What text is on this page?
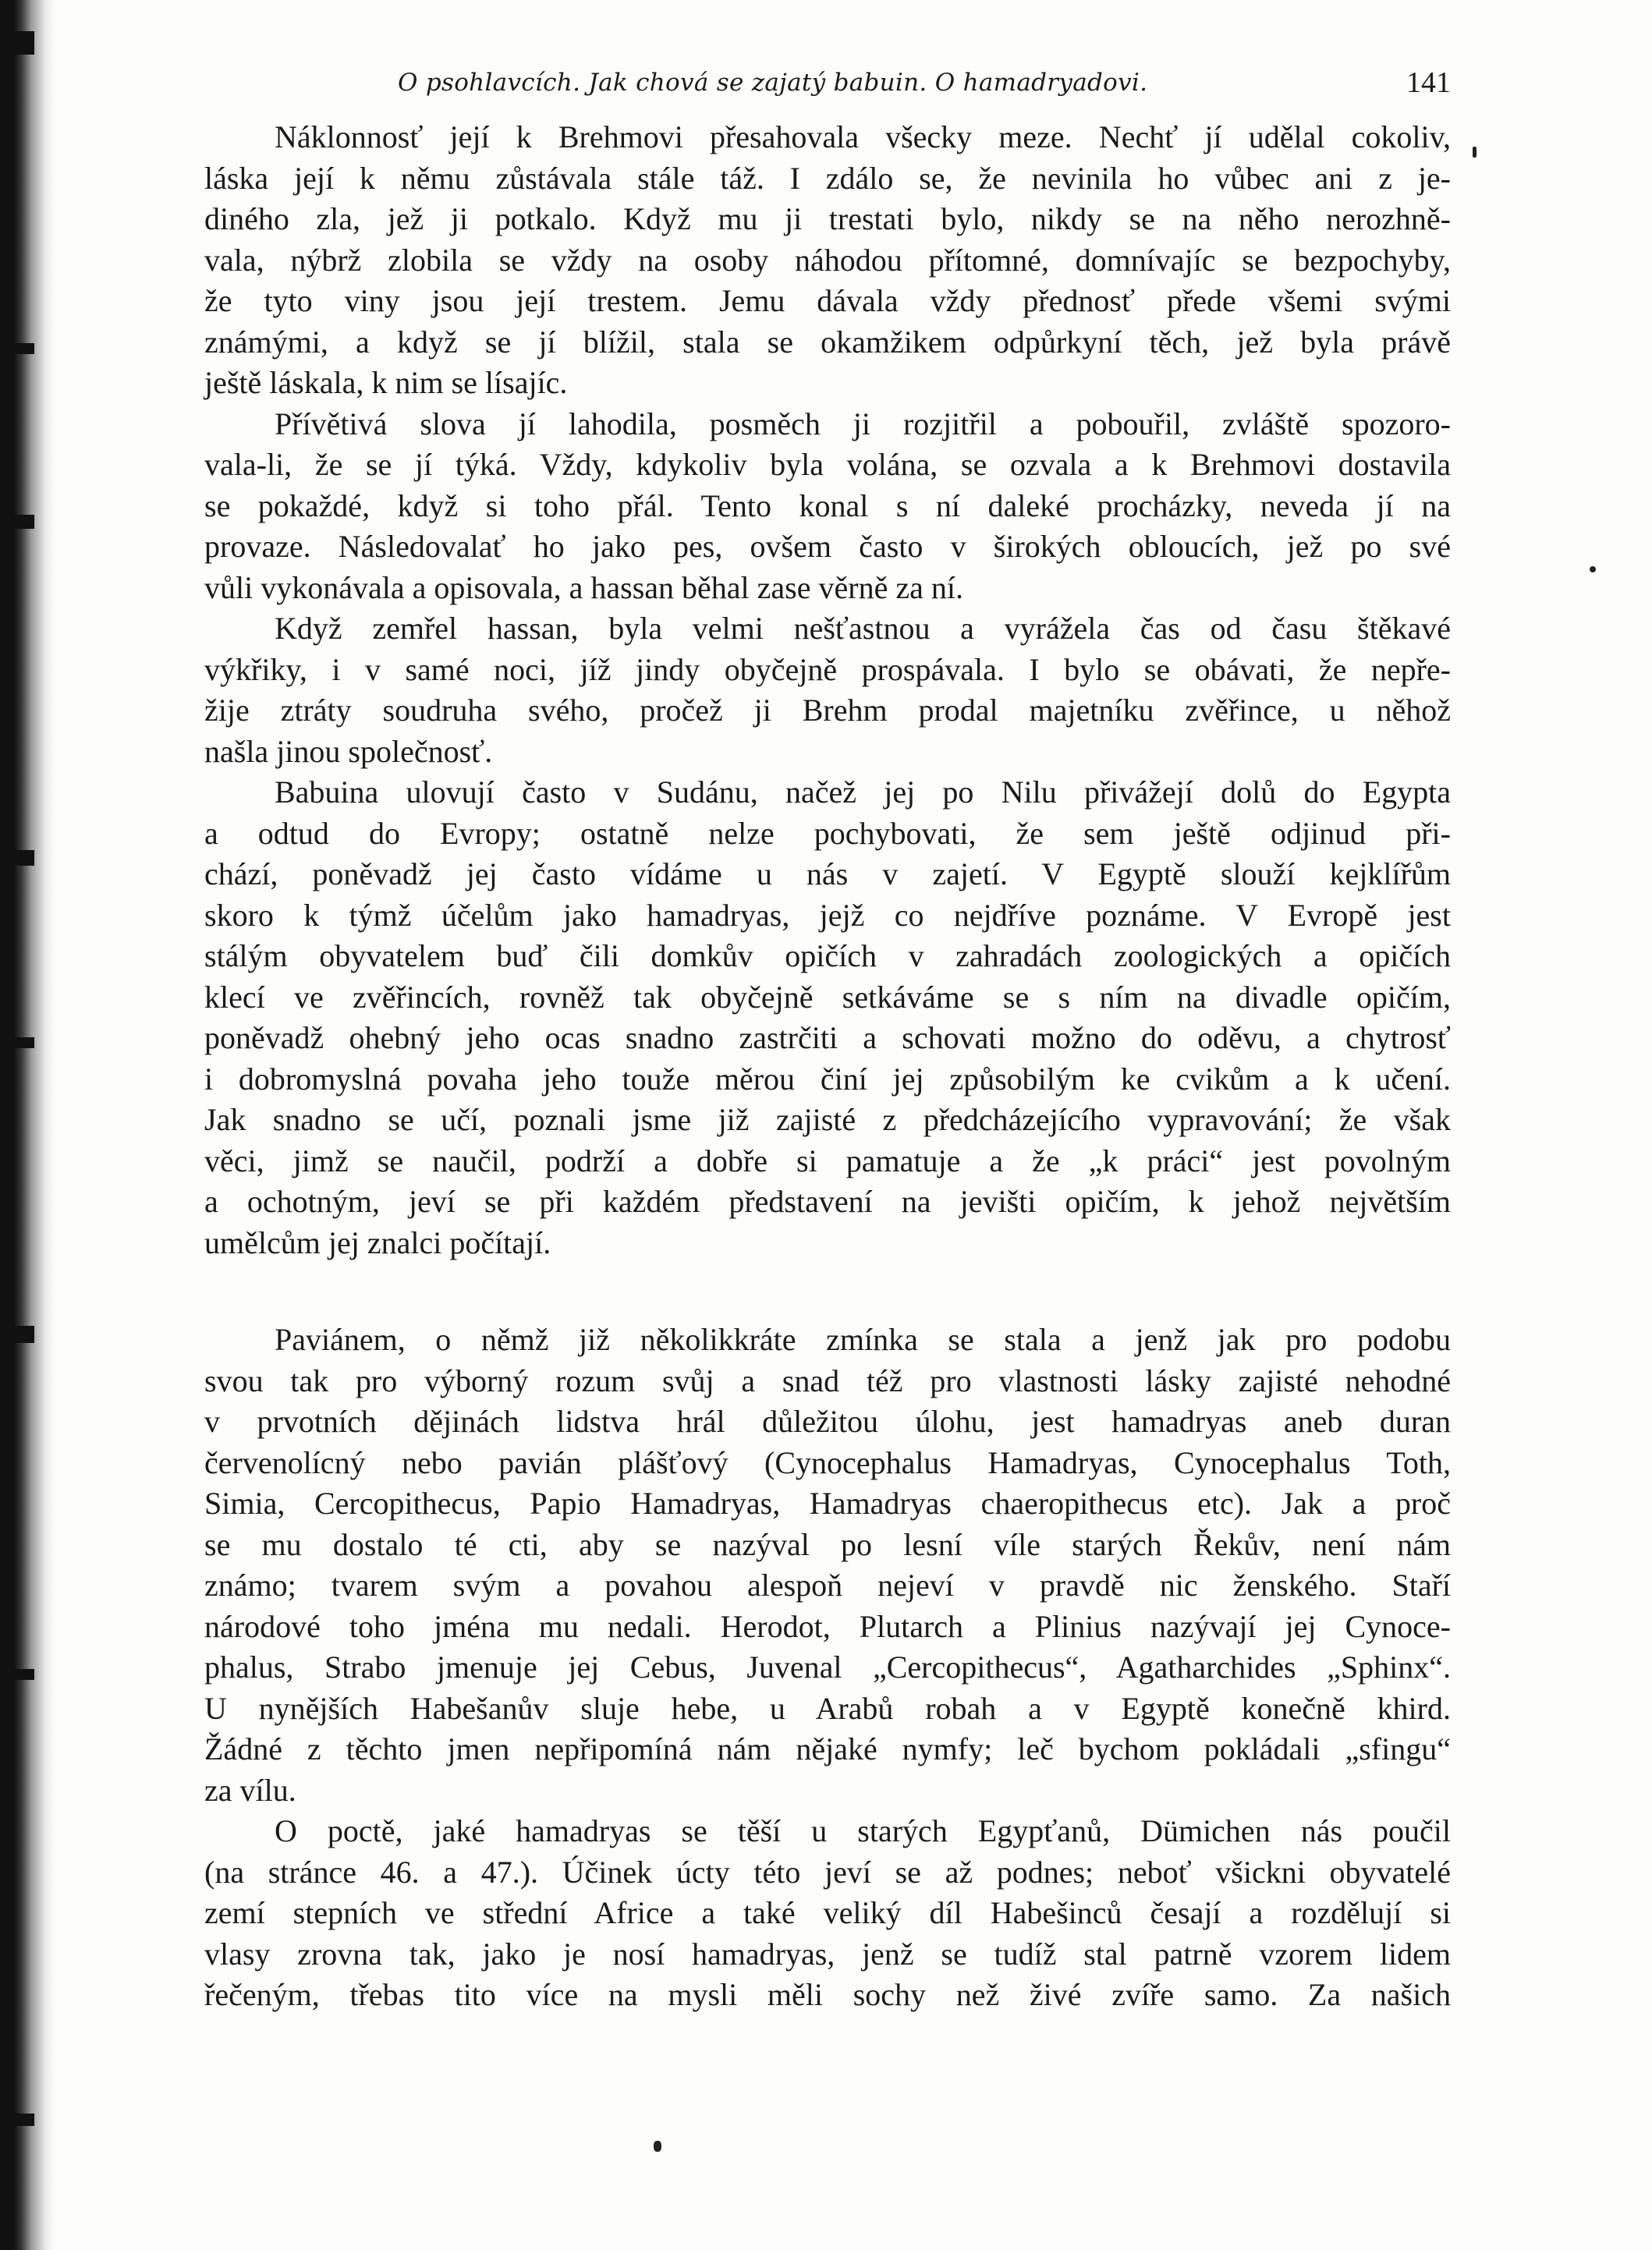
O psohlavcích. Jak chová se zajatý babuin. O hamadryadovi.	141
Náklonnosť její k Brehmovi přesahovala všecky meze. Nechť jí udělal cokoliv,
láska její k němu zůstávala stále táž. I zdálo se, že nevinila ho vůbec ani z je-
diného zla, jež ji potkalo. Když mu ji trestati bylo, nikdy se na něho nerozhně-
vala, nýbrž zlobila se vždy na osoby náhodou přítomné, domnívajíc se bezpochyby,
že tyto viny jsou její trestem. Jemu dávala vždy přednosť přede všemi svými
známými, a když se jí blížil, stala se okamžikem odpůrkyní těch, jež byla právě
ještě láskala, k nim se lísajíc.
Přívětivá slova jí lahodila, posměch ji rozjitřil a pobouřil, zvláště spozoro-
vala-li, že se jí týká. Vždy, kdykoliv byla volána, se ozvala a k Brehmovi dostavila
se pokaždé, když si toho přál. Tento konal s ní daleké procházky, neveda jí na
provaze. Následovalať ho jako pes, ovšem často v širokých obloucích, jež po své
vůli vykonávala a opisovala, a hassan běhal zase věrně za ní.
Když zemřel hassan, byla velmi nešťastnou a vyrážela čas od času štěkavé
výkřiky, i v samé noci, jíž jindy obyčejně prospávala. I bylo se obávati, že nepře-
žije ztráty soudruha svého, pročež ji Brehm prodal majetníku zvěřince, u něhož
našla jinou společnosť.
Babuina ulovují často v Sudánu, načež jej po Nilu přivážejí dolů do Egypta
a odtud do Evropy; ostatně nelze pochybovati, že sem ještě odjinud při-
chází, poněvadž jej často vídáme u nás v zajetí. V Egyptě slouží kejklířům
skoro k týmž účelům jako hamadryas, jejž co nejdříve poznáme. V Evropě jest
stálým obyvatelem buď čili domkův opičích v zahradách zoologických a opičích
klecí ve zvěřincích, rovněž tak obyčejně setkáváme se s ním na divadle opičím,
poněvadž ohebný jeho ocas snadno zastrčiti a schovati možno do oděvu, a chytrosť
i dobromyslná povaha jeho touže měrou činí jej způsobilým ke cvikům a k učení.
Jak snadno se učí, poznali jsme již zajisté z předcházejícího vypravování; že však
věci, jimž se naučil, podrží a dobře si pamatuje a že „k práci“ jest povolným
a ochotným, jeví se při každém představení na jevišti opičím, k jehož největším
umělcům jej znalci počítají.
Paviánem, o němž již několikkráte zmínka se stala a jenž jak pro podobu
svou tak pro výborný rozum svůj a snad též pro vlastnosti lásky zajisté nehodné
v prvotních dějinách lidstva hrál důležitou úlohu, jest hamadryas aneb duran
červenolícný nebo pavián plášťový (Cynocephalus Hamadryas, Cynocephalus Toth,
Simia, Cercopithecus, Papio Hamadryas, Hamadryas chaeropithecus etc). Jak a proč
se mu dostalo té cti, aby se nazýval po lesní víle starých Řekův, není nám
známo; tvarem svým a povahou alespoň nejeví v pravdě nic ženského. Staří
národové toho jména mu nedali. Herodot, Plutarch a Plinius nazývají jej Cynoce-
phalus, Strabo jmenuje jej Cebus, Juvenal „Cercopithecus“, Agatharchides „Sphinx“.
U nynějších Habešanův sluje hebe, u Arabů robah a v Egyptě konečně khird.
Žádné z těchto jmen nepřipomíná nám nějaké nymfy; leč bychom pokládali „sfingu“
za vílu.
O poctě, jaké hamadryas se těší u starých Egypťanů, Dümichen nás poučil
(na stránce 46. a 47.). Účinek úcty této jeví se až podnes; neboť všickni obyvatelé
zemí stepních ve střední Africe a také veliký díl Habešinců česají a rozdělují si
vlasy zrovna tak, jako je nosí hamadryas, jenž se tudíž stal patrně vzorem lidem
řečeným, třebas tito více na mysli měli sochy než živé zvíře samo. Za našich
